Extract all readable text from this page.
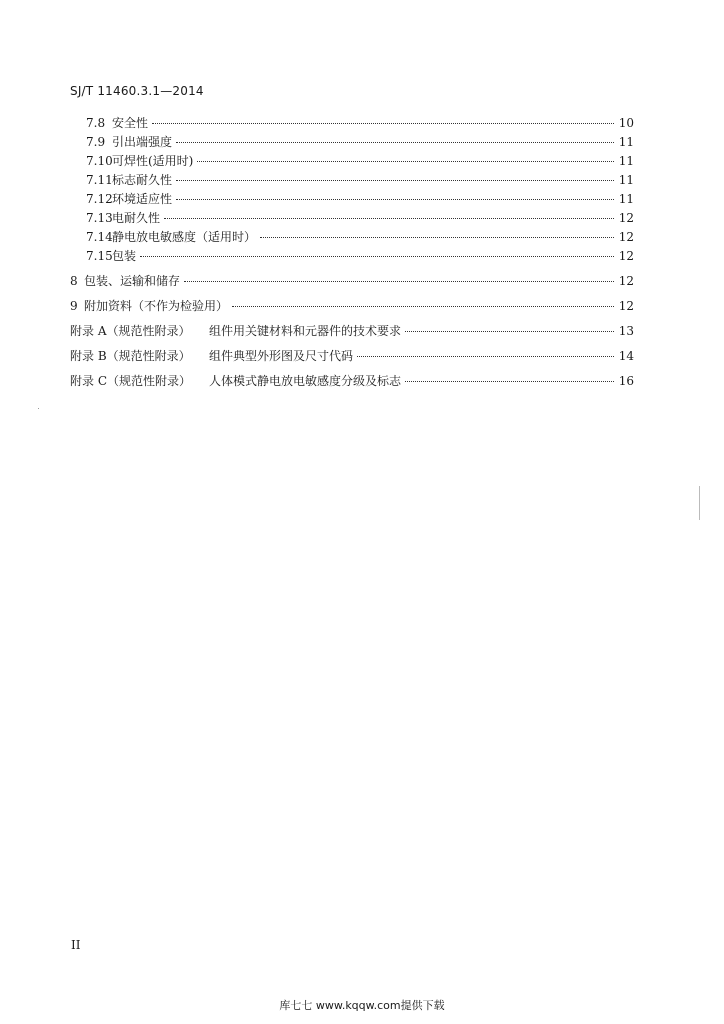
SJ/T 11460.3.1—2014
7.8 安全性	10
7.9 引出端强度	11
7.10 可焊性(适用时)	11
7.11 标志耐久性	11
7.12 环境适应性	11
7.13 电耐久性	12
7.14 静电放电敏感度（适用时）	12
7.15 包装	12
8 包装、运输和储存	12
9 附加资料（不作为检验用）	12
附录 A（规范性附录）	组件用关键材料和元器件的技术要求	13
附录 B（规范性附录）	组件典型外形图及尺寸代码	14
附录 C（规范性附录）	人体模式静电放电敏感度分级及标志	16
II
库七七 www.kqqw.com提供下载
